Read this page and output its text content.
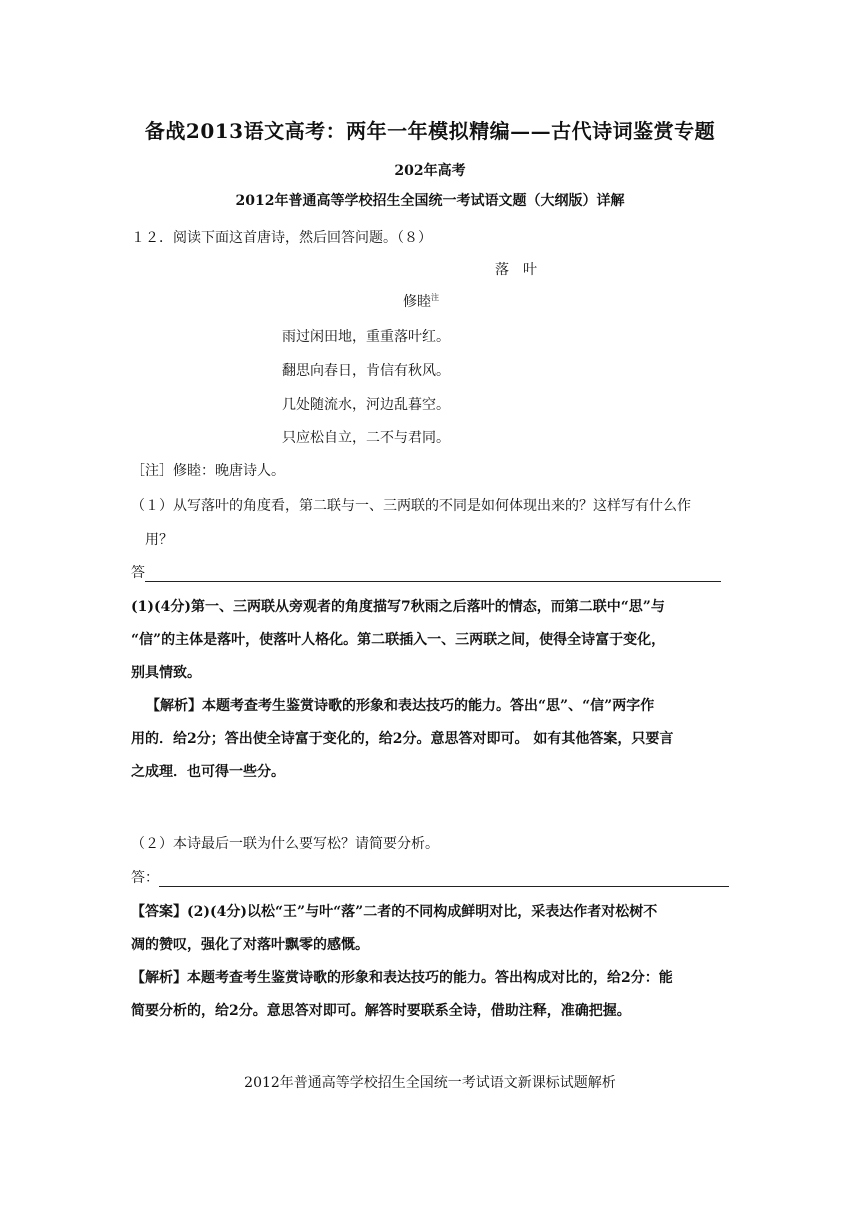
备战2013语文高考：两年一年模拟精编——古代诗词鉴赏专题
202年高考
2012年普通高等学校招生全国统一考试语文题（大纲版）详解
１２．阅读下面这首唐诗，然后回答问题。（８）
落叶
修睦$^注$
雨过闲田地，重重落叶红。
翻思向春日，肯信有秋风。
几处随流水，河边乱暮空。
只应松自立，二不与君同。
［注］修睦：晚唐诗人。
（１）从写落叶的角度看，第二联与一、三两联的不同是如何体现出来的？这样写有什么作
用？
答
(1)(4分)第一、三两联从旁观者的角度描写7秋雨之后落叶的情态，而第二联中“思”与
“信”的主体是落叶，使落叶人格化。第二联插入一、三两联之间，使得全诗富于变化，
别具情致。
【解析】本题考查考生鉴赏诗歌的形象和表达技巧的能力。答出“思”、“信”两字作
用的．给2分；答出使全诗富于变化的，给2分。意思答对即可。 如有其他答案，只要言
之成理．也可得一些分。
（２）本诗最后一联为什么要写松？请简要分析。
答：
【答案】(2)(4分)以松“王”与叶“落”二者的不同构成鲜明对比，采表达作者对松树不
凋的赞叹，强化了对落叶飘零的感慨。
【解析】本题考查考生鉴赏诗歌的形象和表达技巧的能力。答出构成对比的，给2分：能
简要分析的，给2分。意思答对即可。解答时要联系全诗，借助注释，准确把握。
2012年普通高等学校招生全国统一考试语文新课标试题解析
